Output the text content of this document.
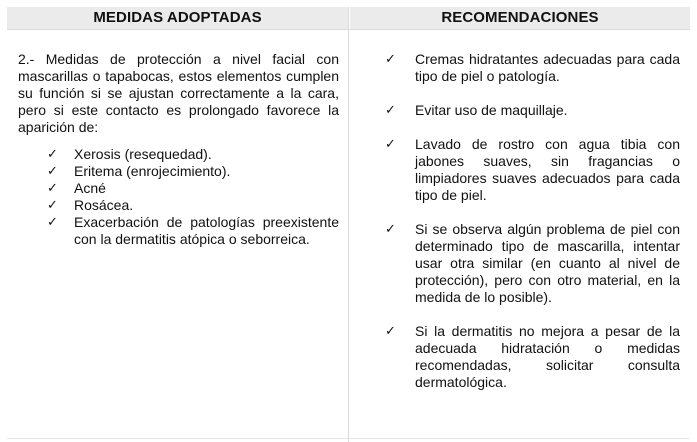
MEDIDAS ADOPTADAS	RECOMENDACIONES

2.- Medidas de protección a nivel facial con mascarillas o tapabocas, estos elementos cumplen su función si se ajustan correctamente a la cara, pero si este contacto es prolongado favorece la aparición de:

✓ Xerosis (resequedad).
✓ Eritema (enrojecimiento).
✓ Acné
✓ Rosácea.
✓ Exacerbación de patologías preexistente con la dermatitis atópica o seborreica.
✓ Cremas hidratantes adecuadas para cada tipo de piel o patología.
✓ Evitar uso de maquillaje.
✓ Lavado de rostro con agua tibia con jabones suaves, sin fragancias o limpiadores suaves adecuados para cada tipo de piel.
✓ Si se observa algún problema de piel con determinado tipo de mascarilla, intentar usar otra similar (en cuanto al nivel de protección), pero con otro material, en la medida de lo posible).
✓ Si la dermatitis no mejora a pesar de la adecuada hidratación o medidas recomendadas, solicitar consulta dermatológica.
